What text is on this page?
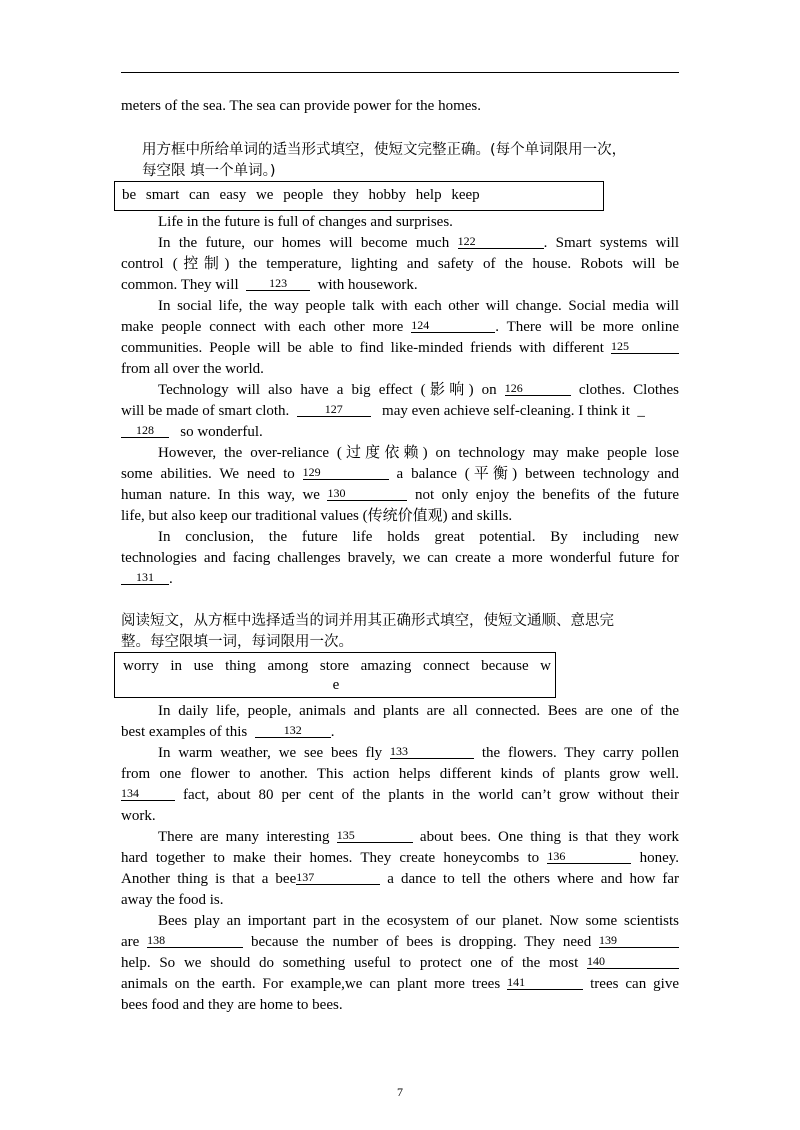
meters of the sea. The sea can provide power for the homes.
用方框中所给单词的适当形式填空，使短文完整正确。(每个单词限用一次，
每空限 填一个单词。)
be smart can easy we people they hobby help keep
Life in the future is full of changes and surprises.
In the future, our homes will become much 122	. Smart systems will
control (控制) the temperature, lighting and safety of the house. Robots will be
common. They will	123 with housework.
In social life, the way people talk with each other will change. Social media will
make people connect with each other more 124	. There will be more online
communities. People will be able to find like-minded friends with different 125
from all over the world.
Technology will also have a big effect (影响) on 126	clothes. Clothes
will be made of smart cloth.	127	may even achieve self-cleaning. I think it  _
128 so wonderful.
However, the over-reliance (过度依赖) on technology may make people lose
some abilities. We need to 129	a balance (平衡) between technology and
human nature. In this way, we 130	not only enjoy the benefits of the future
life, but also keep our traditional values (传统价值观) and skills.
In conclusion, the future life holds great potential. By including new
technologies and facing challenges bravely, we can create a more wonderful future for
131 .
阅读短文，从方框中选择适当的词并用其正确形式填空，使短文通顺、意思完
整。每空限填一词，每词限用一次。
worry in use thing among store amazing connect because w
e
In daily life, people, animals and plants are all connected. Bees are one of the
best examples of this	132 .
In warm weather, we see bees fly 133	the flowers. They carry pollen
from one flower to another. This action helps different kinds of plants grow well.
134	fact, about 80 per cent of the plants in the world can’t grow without their
work.
There are many interesting 135	about bees. One thing is that they work
hard together to make their homes. They create honeycombs to 136	honey.
Another thing is that a bee137	a dance to tell the others where and how far
away the food is.
Bees play an important part in the ecosystem of our planet. Now some scientists
are 138	because the number of bees is dropping. They need 139
help. So we should do something useful to protect one of the most 140
animals on the earth. For example,we can plant more trees 141	trees can give
bees food and they are home to bees.
7
